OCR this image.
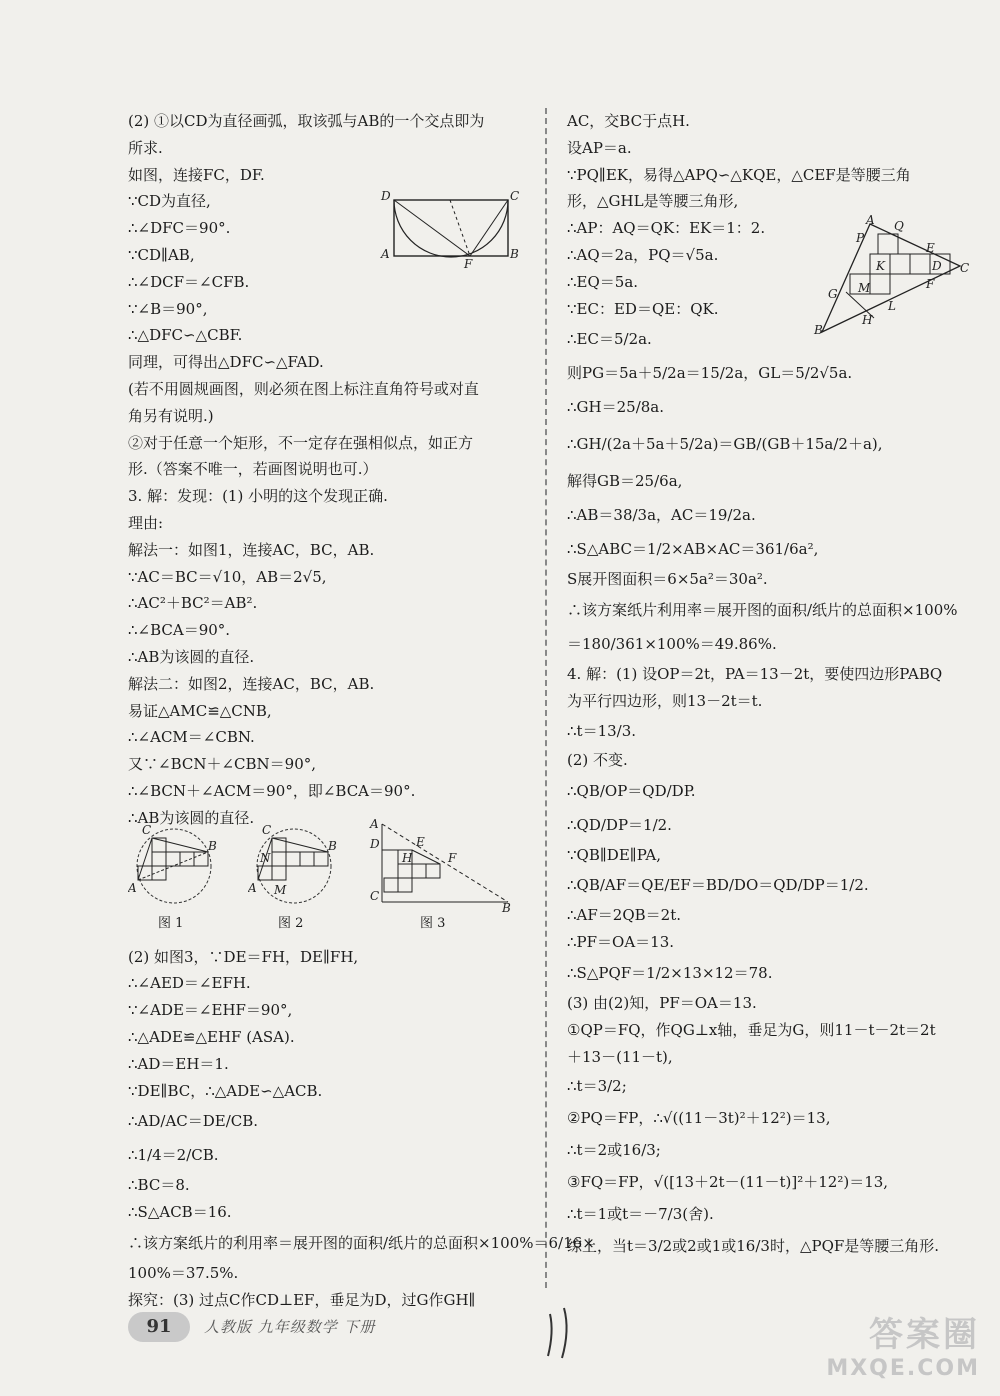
(2) ①以CD为直径画弧，取该弧与AB的一个交点即为
所求.
如图，连接FC，DF.
∵CD为直径,
∴∠DFC＝90°.
∵CD∥AB,
∴∠DCF＝∠CFB.
∵∠B＝90°,
∴△DFC∽△CBF.
同理，可得出△DFC∽△FAD.
(若不用圆规画图，则必须在图上标注直角符号或对直
角另有说明.)
②对于任意一个矩形，不一定存在强相似点，如正方
形.（答案不唯一，若画图说明也可.）
3. 解：发现：(1) 小明的这个发现正确.
理由:
解法一：如图1，连接AC，BC，AB.
∵AC＝BC＝√10，AB＝2√5,
∴AC²＋BC²＝AB².
∴∠BCA＝90°.
∴AB为该圆的直径.
解法二：如图2，连接AC，BC，AB.
易证△AMC≌△CNB,
∴∠ACM＝∠CBN.
又∵∠BCN＋∠CBN＝90°,
∴∠BCN＋∠ACM＝90°，即∠BCA＝90°.
∴AB为该圆的直径.
(2) 如图3，∵DE＝FH，DE∥FH,
∴∠AED＝∠EFH.
∵∠ADE＝∠EHF＝90°,
∴△ADE≌△EHF (ASA).
∴AD＝EH＝1.
∵DE∥BC，∴△ADE∽△ACB.
∴AD/AC＝DE/CB.
∴1/4＝2/CB.
∴BC＝8.
∴S△ACB＝16.
∴该方案纸片的利用率＝展开图的面积/纸片的总面积×100%＝6/16×
100%＝37.5%.
探究：(3) 过点C作CD⊥EF，垂足为D，过G作GH∥
AC，交BC于点H.
设AP＝a.
∵PQ∥EK，易得△APQ∽△KQE，△CEF是等腰三角
形，△GHL是等腰三角形,
∴AP：AQ＝QK：EK＝1：2.
∴AQ＝2a，PQ＝√5a.
∴EQ＝5a.
∵EC：ED＝QE：QK.
∴EC＝5/2a.
则PG＝5a＋5/2a＝15/2a，GL＝5/2√5a.
∴GH＝25/8a.
∴GH/(2a＋5a＋5/2a)＝GB/(GB＋15a/2＋a),
解得GB＝25/6a,
∴AB＝38/3a，AC＝19/2a.
∴S△ABC＝1/2×AB×AC＝361/6a²,
S展开图面积＝6×5a²＝30a².
∴该方案纸片利用率＝展开图的面积/纸片的总面积×100%
＝180/361×100%＝49.86%.
4. 解：(1) 设OP＝2t，PA＝13－2t，要使四边形PABQ
为平行四边形，则13－2t＝t.
∴t＝13/3.
(2) 不变.
∴QB/OP＝QD/DP.
∴QD/DP＝1/2.
∵QB∥DE∥PA,
∴QB/AF＝QE/EF＝BD/DO＝QD/DP＝1/2.
∴AF＝2QB＝2t.
∴PF＝OA＝13.
∴S△PQF＝1/2×13×12＝78.
(3) 由(2)知，PF＝OA＝13.
①QP＝FQ，作QG⊥x轴，垂足为G，则11－t－2t＝2t
＋13－(11－t),
∴t＝3/2;
②PQ＝FP，∴√((11－3t)²＋12²)＝13,
∴t＝2或16/3;
③FQ＝FP，√([13＋2t－(11－t)]²＋12²)＝13,
∴t＝1或t＝－7/3(舍).
综上，当t＝3/2或2或1或16/3时，△PQF是等腰三角形.
D	C
A
F
B
A Q
P
E
K	D C
F
G M
L
H
B
C
B
A
图 1
C
B
N
A M
图 2
A
D	E
H	F
C
B
图 3
91 人教版 九年级数学 下册	答案圈
MXQE.COM
